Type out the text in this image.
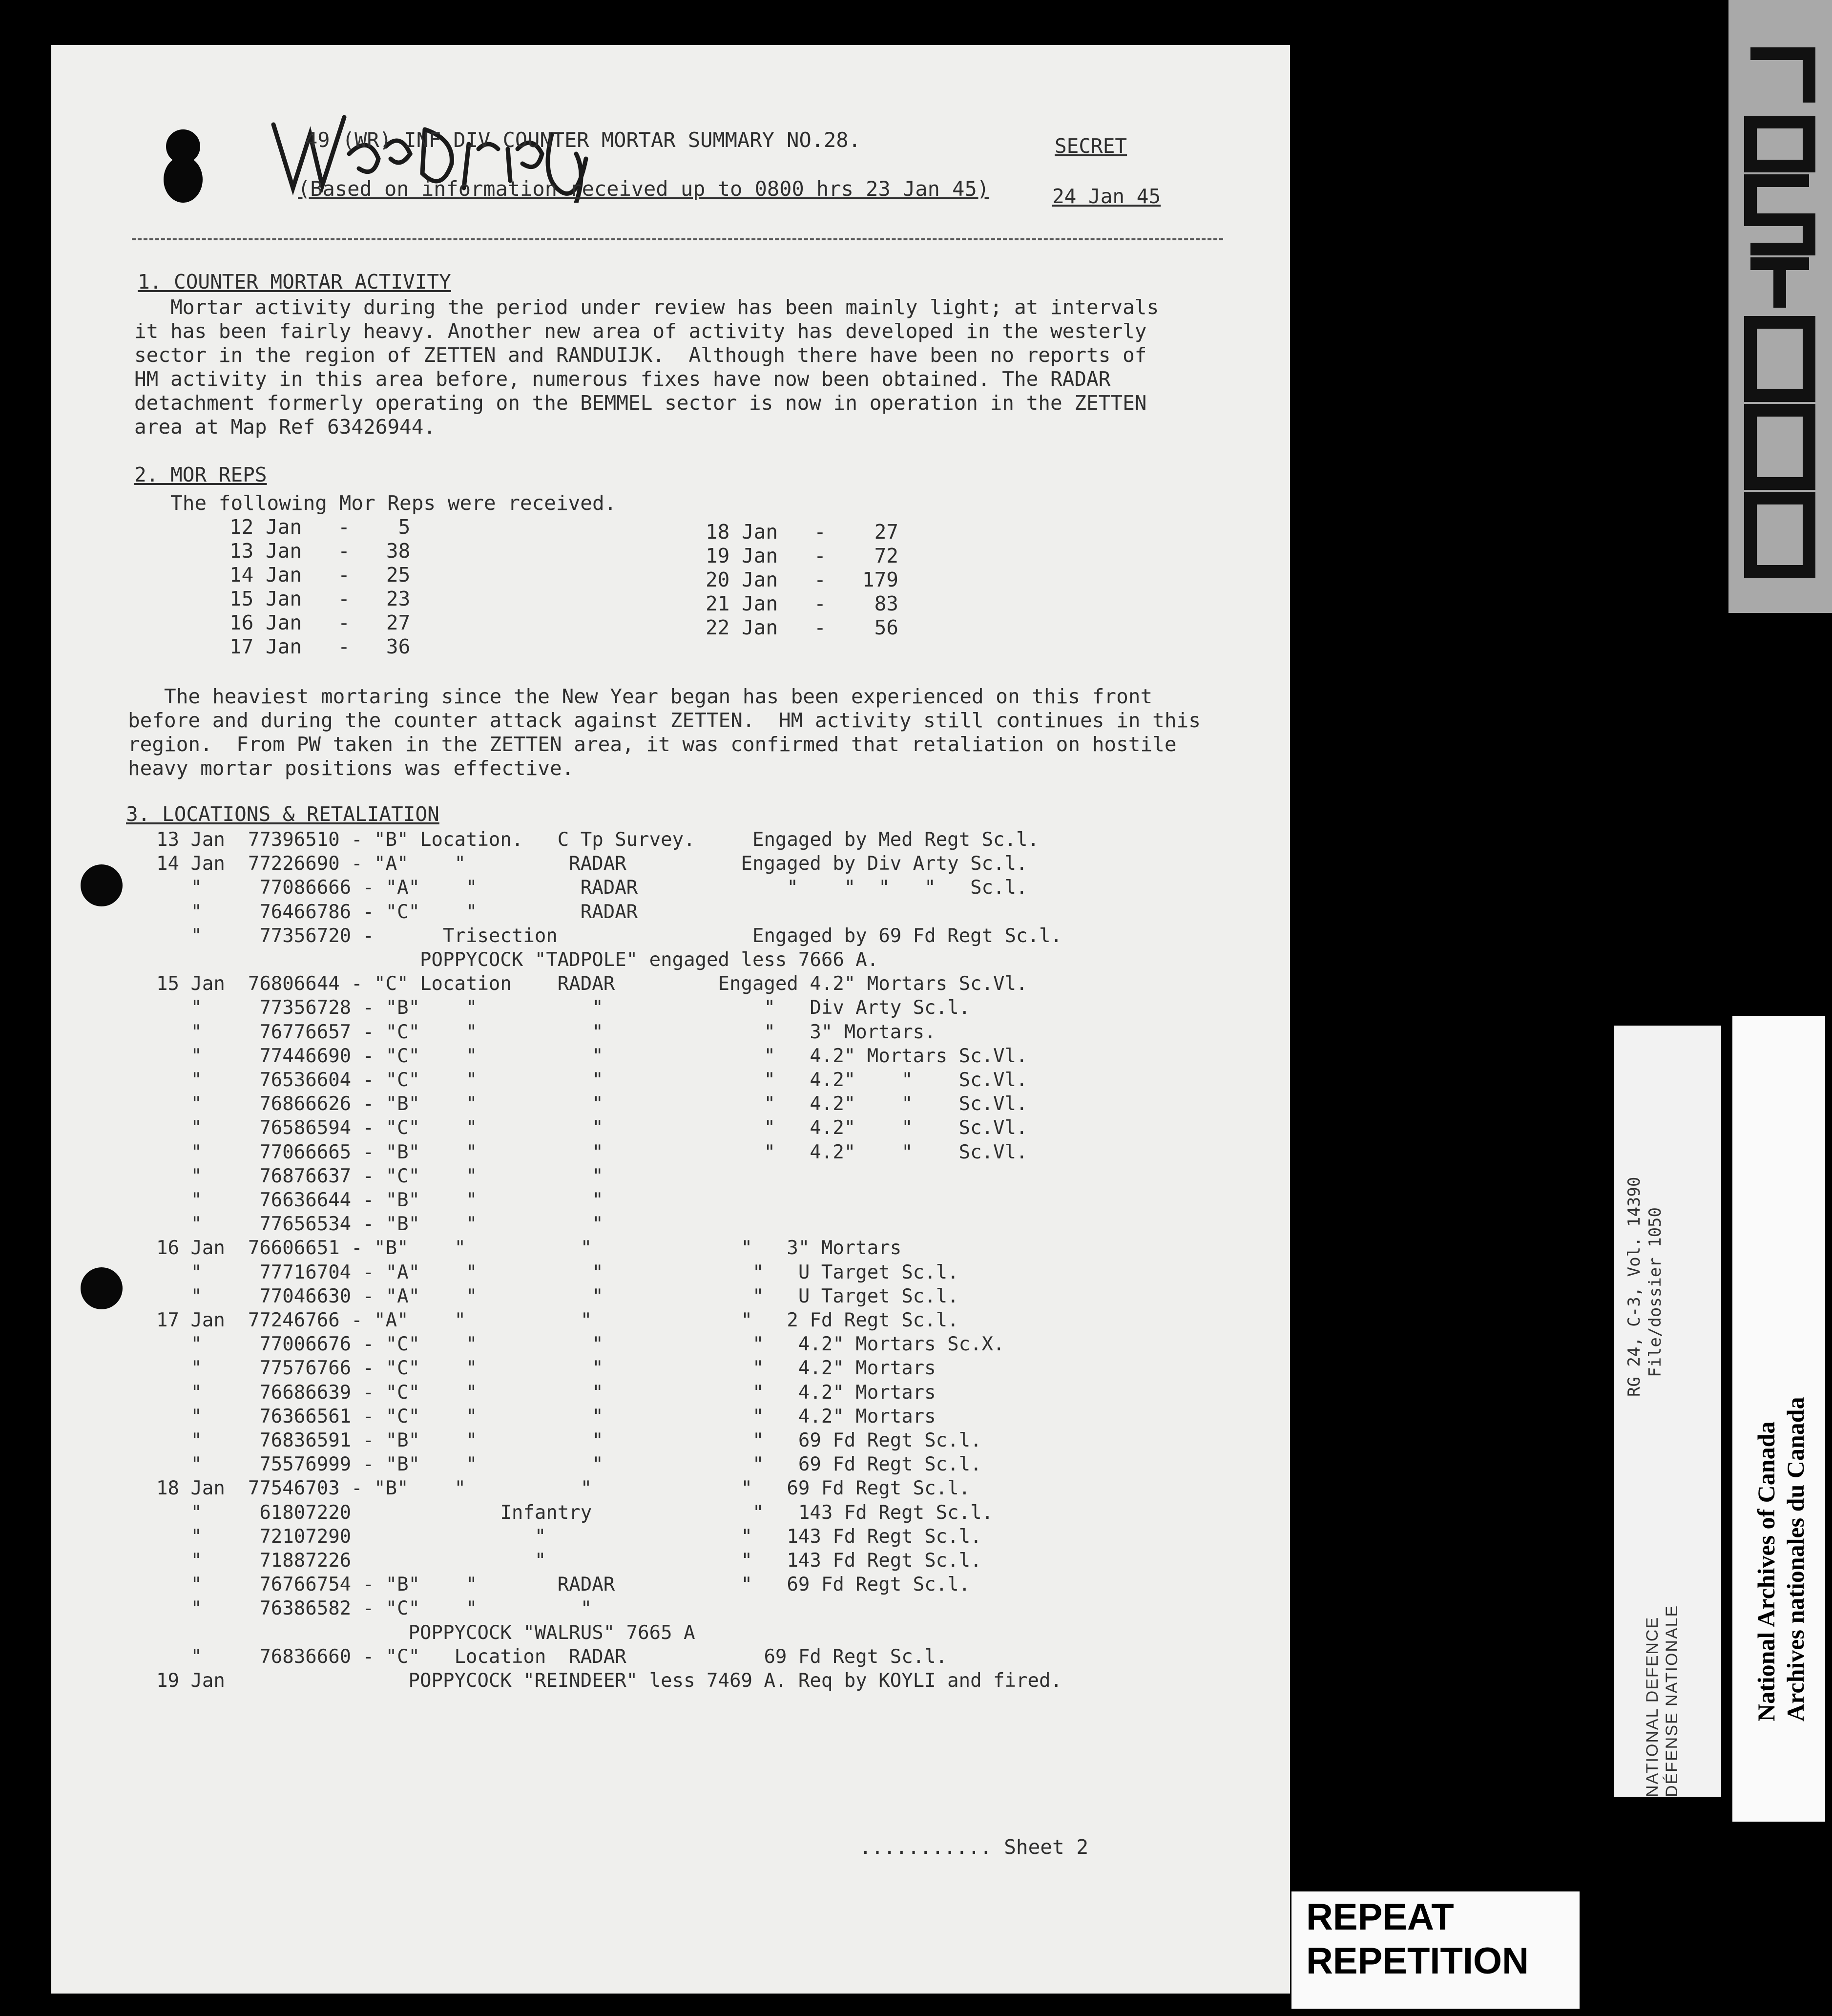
49 (WR) INF DIV COUNTER MORTAR SUMMARY NO.28.
(Based on information received up to 0800 hrs 23 Jan 45)
SECRET
24 Jan 45
1. COUNTER MORTAR ACTIVITY
Mortar activity during the period under review has been mainly light; at intervals
it has been fairly heavy. Another new area of activity has developed in the westerly
sector in the region of ZETTEN and RANDUIJK.  Although there have been no reports of
HM activity in this area before, numerous fixes have now been obtained. The RADAR
detachment formerly operating on the BEMMEL sector is now in operation in the ZETTEN
area at Map Ref 63426944.
2. MOR REPS
The following Mor Reps were received.
12 Jan   -    5
13 Jan   -   38
14 Jan   -   25
15 Jan   -   23
16 Jan   -   27
17 Jan   -   36
18 Jan   -    27
19 Jan   -    72
20 Jan   -   179
21 Jan   -    83
22 Jan   -    56
The heaviest mortaring since the New Year began has been experienced on this front
before and during the counter attack against ZETTEN.  HM activity still continues in this
region.  From PW taken in the ZETTEN area, it was confirmed that retaliation on hostile
heavy mortar positions was effective.
3. LOCATIONS & RETALIATION
13 Jan  77396510 - "B" Location.   C Tp Survey.     Engaged by Med Regt Sc.l.
14 Jan  77226690 - "A"    "         RADAR          Engaged by Div Arty Sc.l.
"     77086666 - "A"    "         RADAR             "    "  "   "   Sc.l.
"     76466786 - "C"    "         RADAR
"     77356720 -      Trisection                 Engaged by 69 Fd Regt Sc.l.
POPPYCOCK "TADPOLE" engaged less 7666 A.
15 Jan  76806644 - "C" Location    RADAR         Engaged 4.2" Mortars Sc.Vl.
"     77356728 - "B"    "          "              "   Div Arty Sc.l.
"     76776657 - "C"    "          "              "   3" Mortars.
"     77446690 - "C"    "          "              "   4.2" Mortars Sc.Vl.
"     76536604 - "C"    "          "              "   4.2"    "    Sc.Vl.
"     76866626 - "B"    "          "              "   4.2"    "    Sc.Vl.
"     76586594 - "C"    "          "              "   4.2"    "    Sc.Vl.
"     77066665 - "B"    "          "              "   4.2"    "    Sc.Vl.
"     76876637 - "C"    "          "
"     76636644 - "B"    "          "
"     77656534 - "B"    "          "
16 Jan  76606651 - "B"    "          "             "   3" Mortars
"     77716704 - "A"    "          "             "   U Target Sc.l.
"     77046630 - "A"    "          "             "   U Target Sc.l.
17 Jan  77246766 - "A"    "          "             "   2 Fd Regt Sc.l.
"     77006676 - "C"    "          "             "   4.2" Mortars Sc.X.
"     77576766 - "C"    "          "             "   4.2" Mortars
"     76686639 - "C"    "          "             "   4.2" Mortars
"     76366561 - "C"    "          "             "   4.2" Mortars
"     76836591 - "B"    "          "             "   69 Fd Regt Sc.l.
"     75576999 - "B"    "          "             "   69 Fd Regt Sc.l.
18 Jan  77546703 - "B"    "          "             "   69 Fd Regt Sc.l.
"     61807220             Infantry              "   143 Fd Regt Sc.l.
"     72107290                "                 "   143 Fd Regt Sc.l.
"     71887226                "                 "   143 Fd Regt Sc.l.
"     76766754 - "B"    "       RADAR           "   69 Fd Regt Sc.l.
"     76386582 - "C"    "         "
POPPYCOCK "WALRUS" 7665 A
"     76836660 - "C"   Location  RADAR            69 Fd Regt Sc.l.
19 Jan                POPPYCOCK "REINDEER" less 7469 A. Req by KOYLI and fired.
........... Sheet 2
RG 24, C-3, Vol. 14390 File/dossier 1050
NATIONAL DEFENCE DÉFENSE NATIONALE	National Archives of Canada Archives nationales du Canada
REPEAT
REPETITION
